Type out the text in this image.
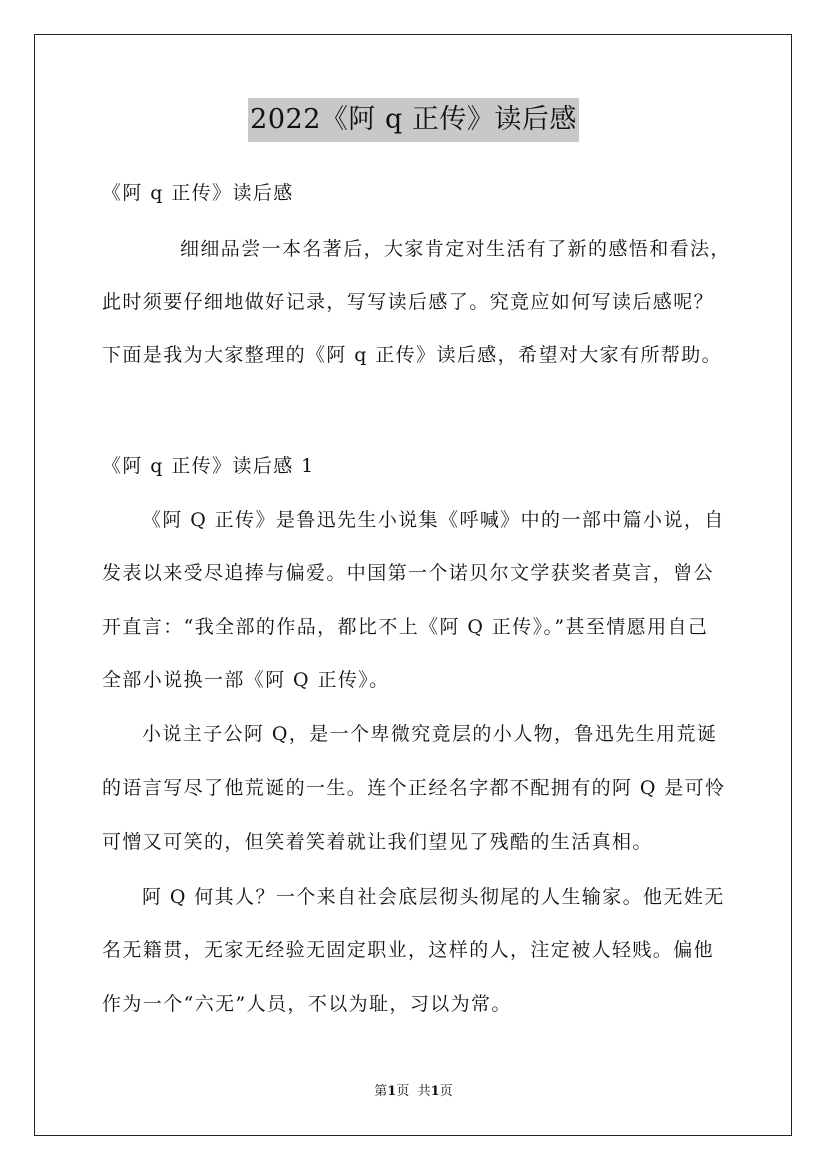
2022《阿 q 正传》读后感
《阿 q 正传》读后感
细细品尝一本名著后，大家肯定对生活有了新的感悟和看法，
此时须要仔细地做好记录，写写读后感了。究竟应如何写读后感呢？
下面是我为大家整理的《阿 q 正传》读后感，希望对大家有所帮助。
《阿 q 正传》读后感 1
《阿 Q 正传》是鲁迅先生小说集《呼喊》中的一部中篇小说，自
发表以来受尽追捧与偏爱。中国第一个诺贝尔文学获奖者莫言，曾公
开直言：“我全部的作品，都比不上《阿 Q 正传》。”甚至情愿用自己
全部小说换一部《阿 Q 正传》。
小说主子公阿 Q，是一个卑微究竟层的小人物，鲁迅先生用荒诞
的语言写尽了他荒诞的一生。连个正经名字都不配拥有的阿 Q 是可怜
可憎又可笑的，但笑着笑着就让我们望见了残酷的生活真相。
阿 Q 何其人？一个来自社会底层彻头彻尾的人生输家。他无姓无
名无籍贯，无家无经验无固定职业，这样的人，注定被人轻贱。偏他
作为一个“六无”人员，不以为耻，习以为常。
第1页 共1页
